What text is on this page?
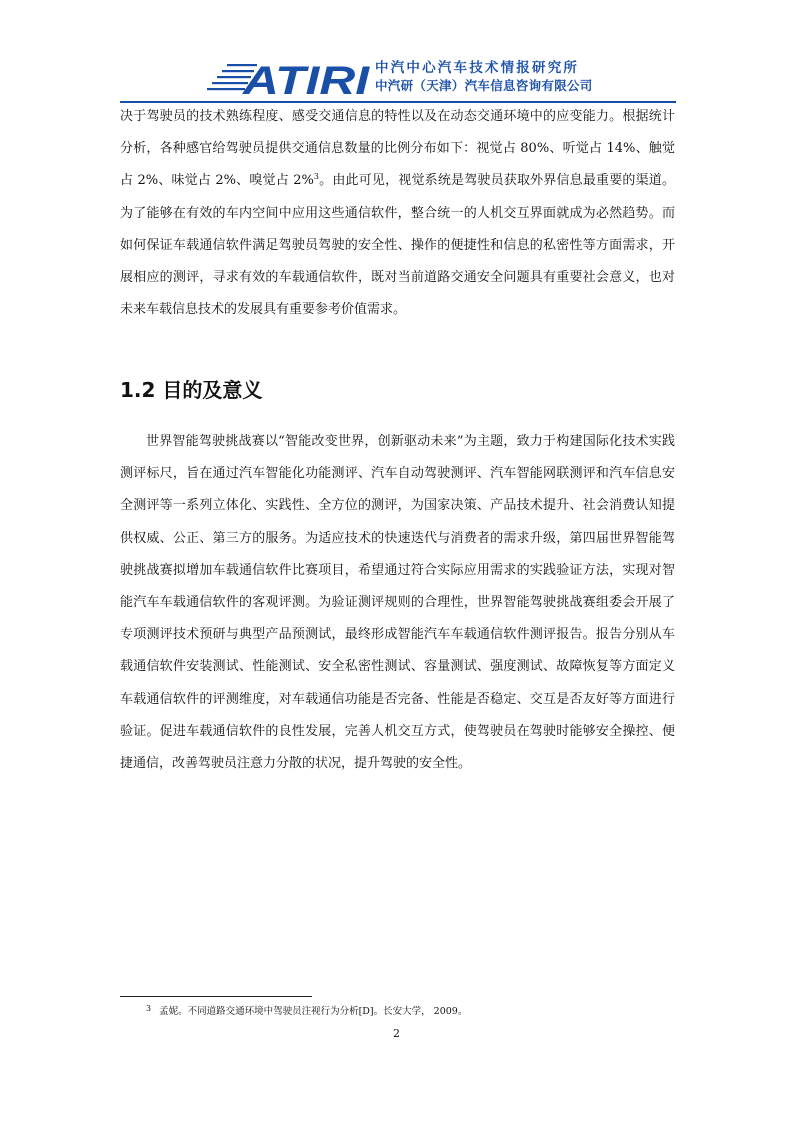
ATIRI 中汽中心汽车技术情报研究所
中汽研（天津）汽车信息咨询有限公司

决于驾驶员的技术熟练程度、感受交通信息的特性以及在动态交通环境中的应变能力。根据统计分析，各种感官给驾驶员提供交通信息数量的比例分布如下：视觉占 80%、听觉占 14%、触觉占 2%、味觉占 2%、嗅觉占 2%$^3$。由此可见，视觉系统是驾驶员获取外界信息最重要的渠道。为了能够在有效的车内空间中应用这些通信软件，整合统一的人机交互界面就成为必然趋势。而如何保证车载通信软件满足驾驶员驾驶的安全性、操作的便捷性和信息的私密性等方面需求，开展相应的测评，寻求有效的车载通信软件，既对当前道路交通安全问题具有重要社会意义，也对未来车载信息技术的发展具有重要参考价值需求。

1.2 目的及意义

世界智能驾驶挑战赛以“智能改变世界，创新驱动未来”为主题，致力于构建国际化技术实践测评标尺，旨在通过汽车智能化功能测评、汽车自动驾驶测评、汽车智能网联测评和汽车信息安全测评等一系列立体化、实践性、全方位的测评，为国家决策、产品技术提升、社会消费认知提供权威、公正、第三方的服务。为适应技术的快速迭代与消费者的需求升级，第四届世界智能驾驶挑战赛拟增加车载通信软件比赛项目，希望通过符合实际应用需求的实践验证方法，实现对智能汽车车载通信软件的客观评测。为验证测评规则的合理性，世界智能驾驶挑战赛组委会开展了专项测评技术预研与典型产品预测试，最终形成智能汽车车载通信软件测评报告。报告分别从车载通信软件安装测试、性能测试、安全私密性测试、容量测试、强度测试、故障恢复等方面定义车载通信软件的评测维度，对车载通信功能是否完备、性能是否稳定、交互是否友好等方面进行验证。促进车载通信软件的良性发展，完善人机交互方式，使驾驶员在驾驶时能够安全操控、便捷通信，改善驾驶员注意力分散的状况，提升驾驶的安全性。

$^3$ 孟妮。不同道路交通环境中驾驶员注视行为分析[D]。长安大学， 2009。
2
